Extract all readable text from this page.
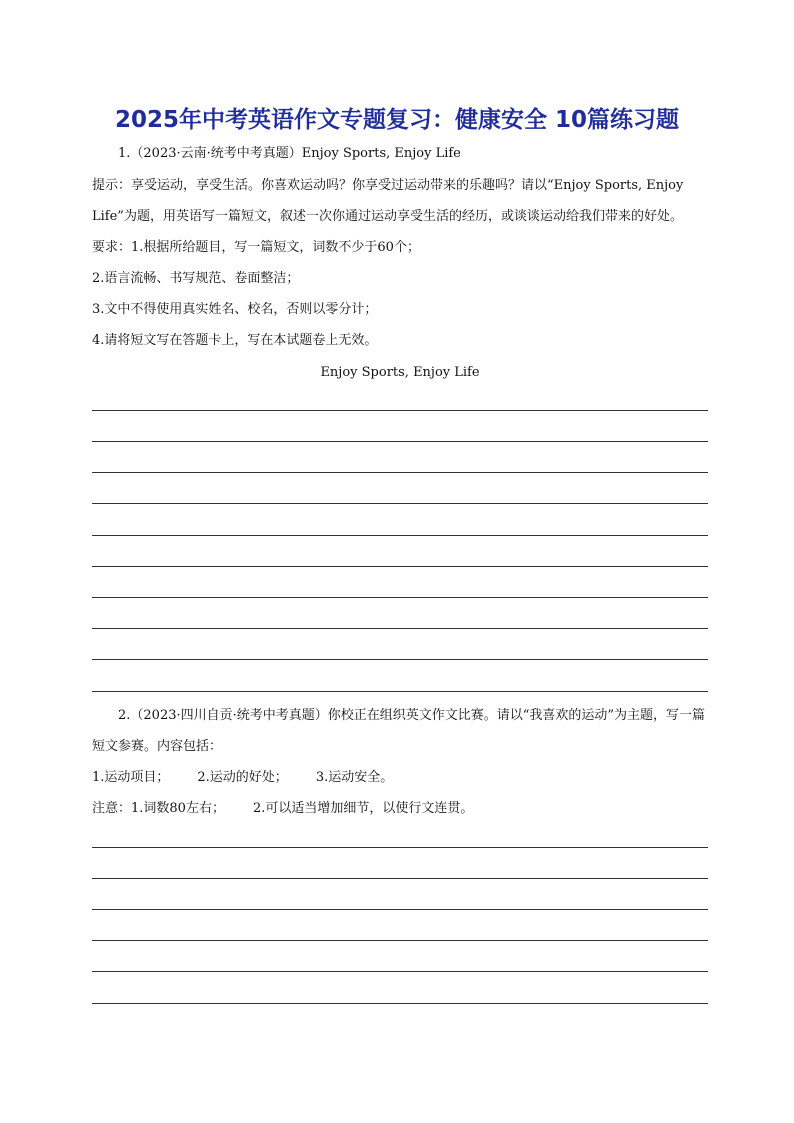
2025年中考英语作文专题复习：健康安全 10篇练习题

1.（2023·云南·统考中考真题）Enjoy Sports, Enjoy Life

提示：享受运动，享受生活。你喜欢运动吗？你享受过运动带来的乐趣吗？请以“Enjoy Sports, Enjoy Life”为题，用英语写一篇短文，叙述一次你通过运动享受生活的经历，或谈谈运动给我们带来的好处。

要求：1.根据所给题目，写一篇短文，词数不少于60个；

2.语言流畅、书写规范、卷面整洁；

3.文中不得使用真实姓名、校名，否则以零分计；

4.请将短文写在答题卡上，写在本试题卷上无效。

Enjoy Sports, Enjoy Life

2.（2023·四川自贡·统考中考真题）你校正在组织英文作文比赛。请以“我喜欢的运动”为主题，写一篇短文参赛。内容包括：

1.运动项目； 2.运动的好处； 3.运动安全。

注意：1.词数80左右； 2.可以适当增加细节，以使行文连贯。
